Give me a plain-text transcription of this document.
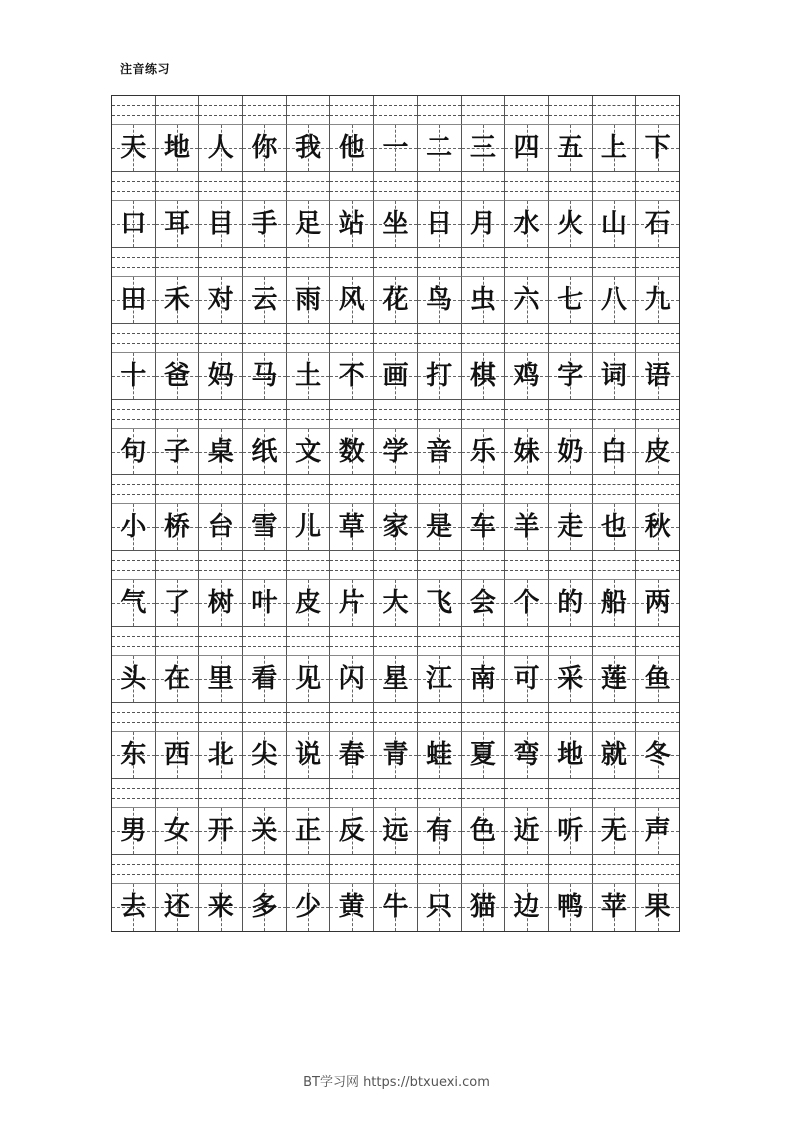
注音练习
天 地 人 你 我 他 一 二 三 四 五 上 下
口 耳 目 手 足 站 坐 日 月 水 火 山 石
田 禾 对 云 雨 风 花 鸟 虫 六 七 八 九
十 爸 妈 马 土 不 画 打 棋 鸡 字 词 语
句 子 桌 纸 文 数 学 音 乐 妹 奶 白 皮
小 桥 台 雪 儿 草 家 是 车 羊 走 也 秋
气 了 树 叶 皮 片 大 飞 会 个 的 船 两
头 在 里 看 见 闪 星 江 南 可 采 莲 鱼
东 西 北 尖 说 春 青 蛙 夏 弯 地 就 冬
男 女 开 关 正 反 远 有 色 近 听 无 声
去 还 来 多 少 黄 牛 只 猫 边 鸭 苹 果
BT学习网 https://btxuexi.com
